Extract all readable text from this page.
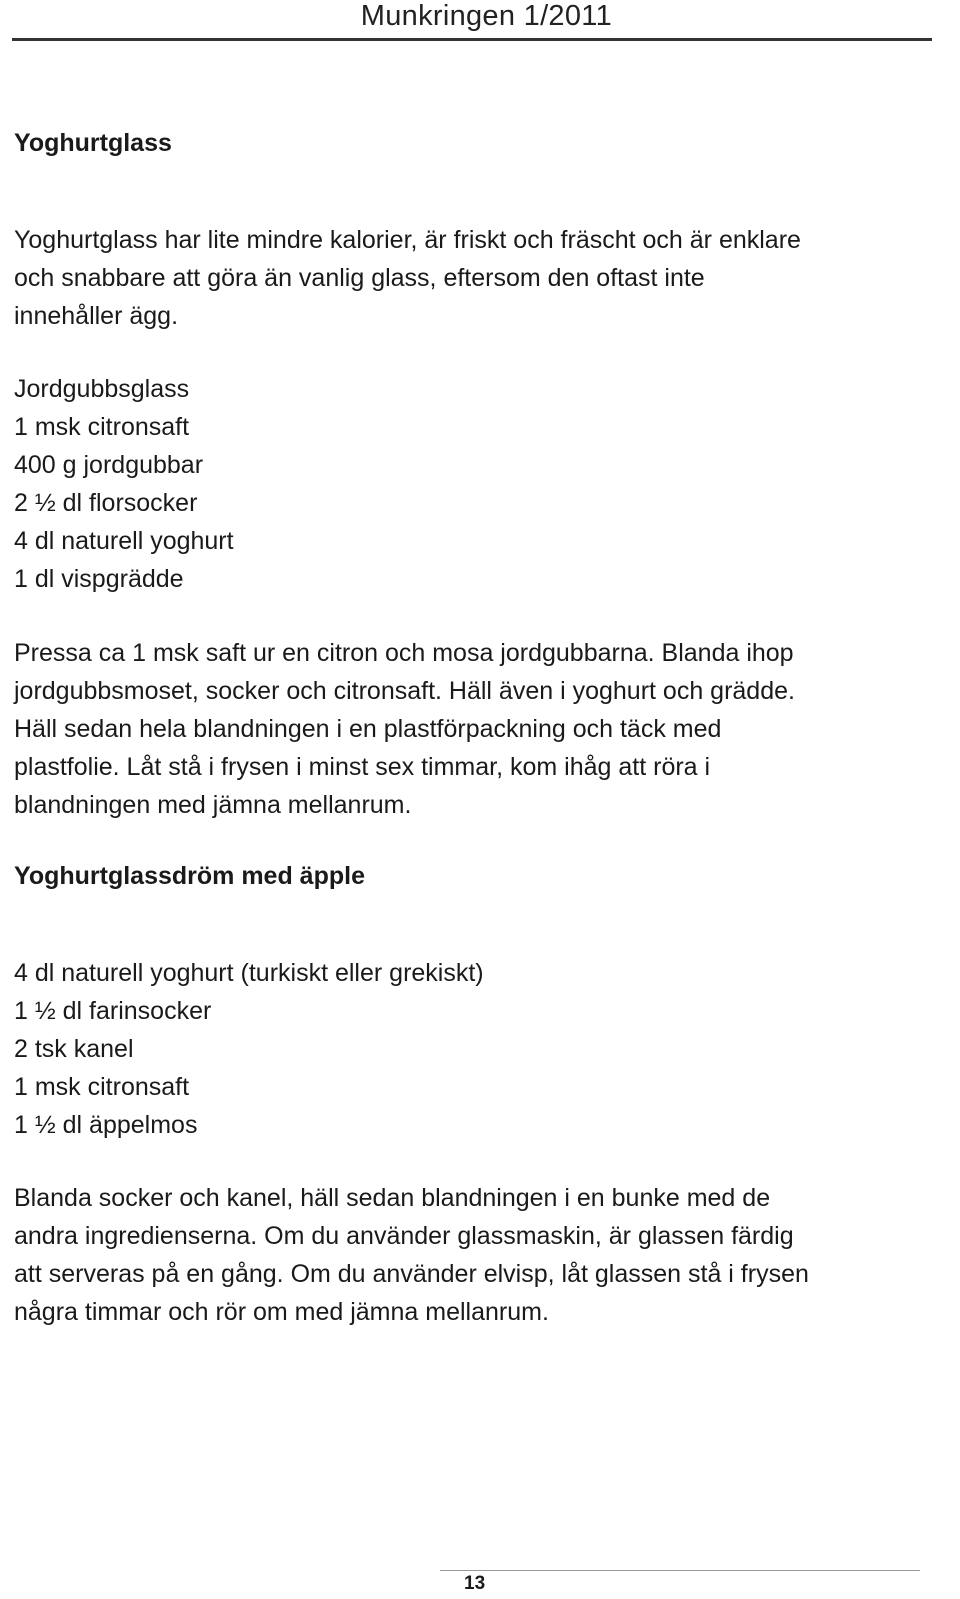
Munkringen 1/2011
Yoghurtglass
Yoghurtglass har lite mindre kalorier, är friskt och fräscht och är enklare
och snabbare att göra än vanlig glass, eftersom den oftast inte
innehåller ägg.
Jordgubbsglass
1 msk citronsaft
400 g jordgubbar
2 ½ dl florsocker
4 dl naturell yoghurt
1 dl vispgrädde
Pressa ca 1 msk saft ur en citron och mosa jordgubbarna. Blanda ihop
jordgubbsmoset, socker och citronsaft. Häll även i yoghurt och grädde.
Häll sedan hela blandningen i en plastförpackning och täck med
plastfolie. Låt stå i frysen i minst sex timmar, kom ihåg att röra i
blandningen med jämna mellanrum.
Yoghurtglassdröm med äpple
4 dl naturell yoghurt (turkiskt eller grekiskt)
1 ½ dl farinsocker
2 tsk kanel
1 msk citronsaft
1 ½ dl äppelmos
Blanda socker och kanel, häll sedan blandningen i en bunke med de
andra ingredienserna. Om du använder glassmaskin, är glassen färdig
att serveras på en gång. Om du använder elvisp, låt glassen stå i frysen
några timmar och rör om med jämna mellanrum.
13
